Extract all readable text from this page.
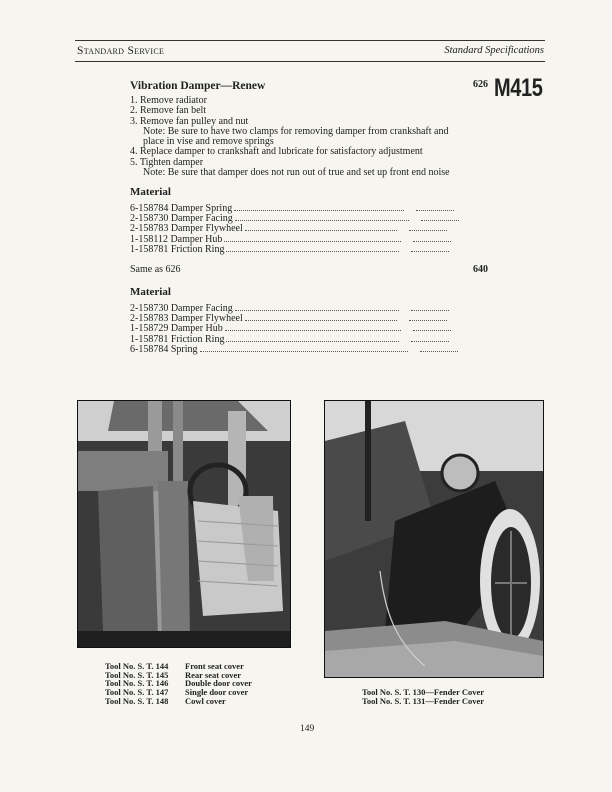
Standard Service	Standard Specifications
Vibration Damper—Renew	626 M415
1. Remove radiator
2. Remove fan belt
3. Remove fan pulley and nut
Note: Be sure to have two clamps for removing damper from crankshaft and
place in vise and remove springs
4. Replace damper to crankshaft and lubricate for satisfactory adjustment
5. Tighten damper
Note: Be sure that damper does not run out of true and set up front end noise
Material
6-158784 Damper Spring
2-158730 Damper Facing
2-158783 Damper Flywheel
1-158112 Damper Hub
1-158781 Friction Ring
Same as 626	640
Material
2-158730 Damper Facing
2-158783 Damper Flywheel
1-158729 Damper Hub
1-158781 Friction Ring
6-158784 Spring
Tool No. S. T. 144	Front seat cover
Tool No. S. T. 145	Rear seat cover
Tool No. S. T. 146	Double door cover
Tool No. S. T. 147	Single door cover
Tool No. S. T. 148	Cowl cover
Tool No. S. T. 130—Fender Cover
Tool No. S. T. 131—Fender Cover
149
